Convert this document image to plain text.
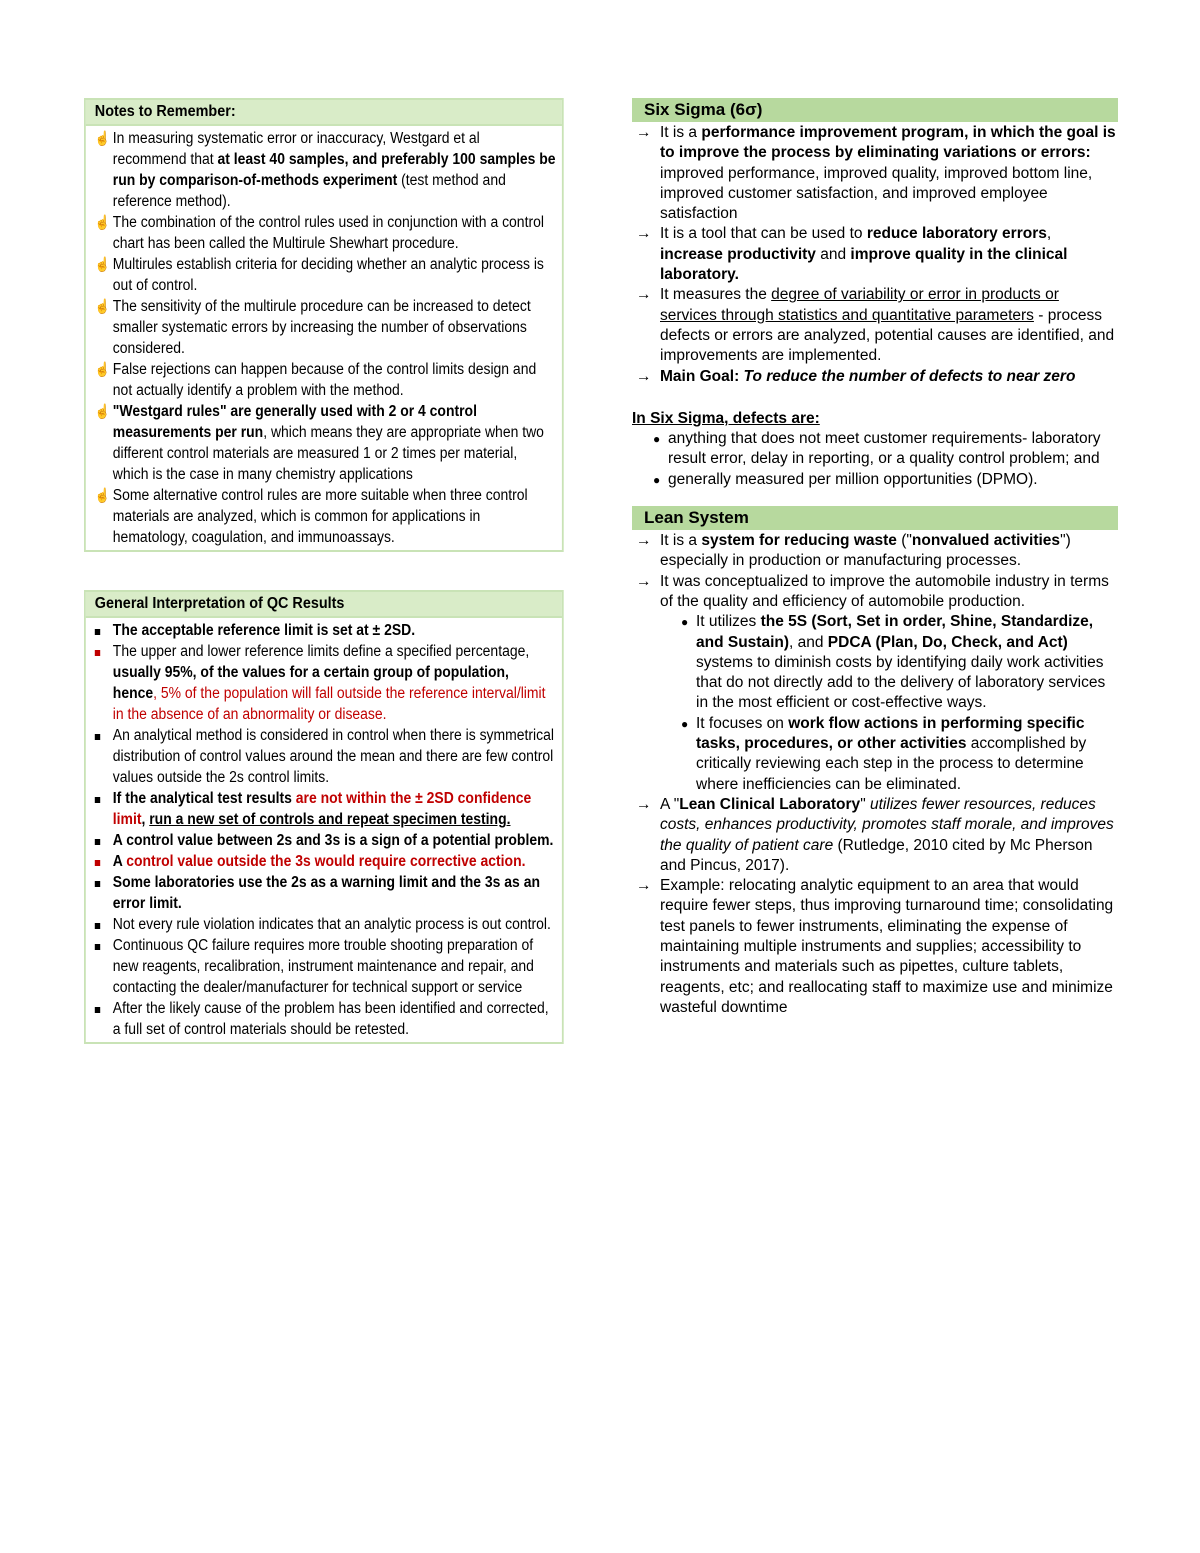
Notes to Remember:
☝ In measuring systematic error or inaccuracy, Westgard et al recommend that at least 40 samples, and preferably 100 samples be run by comparison-of-methods experiment (test method and reference method).
☝ The combination of the control rules used in conjunction with a control chart has been called the Multirule Shewhart procedure.
☝ Multirules establish criteria for deciding whether an analytic process is out of control.
☝ The sensitivity of the multirule procedure can be increased to detect smaller systematic errors by increasing the number of observations considered.
☝ False rejections can happen because of the control limits design and not actually identify a problem with the method.
☝ "Westgard rules" are generally used with 2 or 4 control measurements per run, which means they are appropriate when two different control materials are measured 1 or 2 times per material, which is the case in many chemistry applications
☝ Some alternative control rules are more suitable when three control materials are analyzed, which is common for applications in hematology, coagulation, and immunoassays.
General Interpretation of QC Results
The acceptable reference limit is set at ± 2SD.
The upper and lower reference limits define a specified percentage, usually 95%, of the values for a certain group of population, hence, 5% of the population will fall outside the reference interval/limit in the absence of an abnormality or disease.
An analytical method is considered in control when there is symmetrical distribution of control values around the mean and there are few control values outside the 2s control limits.
If the analytical test results are not within the ± 2SD confidence limit, run a new set of controls and repeat specimen testing.
A control value between 2s and 3s is a sign of a potential problem.
A control value outside the 3s would require corrective action.
Some laboratories use the 2s as a warning limit and the 3s as an error limit.
Not every rule violation indicates that an analytic process is out control.
Continuous QC failure requires more trouble shooting preparation of new reagents, recalibration, instrument maintenance and repair, and contacting the dealer/manufacturer for technical support or service
After the likely cause of the problem has been identified and corrected, a full set of control materials should be retested.
Six Sigma (6σ)
→ It is a performance improvement program, in which the goal is to improve the process by eliminating variations or errors: improved performance, improved quality, improved bottom line, improved customer satisfaction, and improved employee satisfaction
→ It is a tool that can be used to reduce laboratory errors, increase productivity and improve quality in the clinical laboratory.
→ It measures the degree of variability or error in products or services through statistics and quantitative parameters - process defects or errors are analyzed, potential causes are identified, and improvements are implemented.
→ Main Goal: To reduce the number of defects to near zero
In Six Sigma, defects are:
● anything that does not meet customer requirements- laboratory result error, delay in reporting, or a quality control problem; and
● generally measured per million opportunities (DPMO).
Lean System
→ It is a system for reducing waste ("nonvalued activities") especially in production or manufacturing processes.
→ It was conceptualized to improve the automobile industry in terms of the quality and efficiency of automobile production.
● It utilizes the 5S (Sort, Set in order, Shine, Standardize, and Sustain), and PDCA (Plan, Do, Check, and Act) systems to diminish costs by identifying daily work activities that do not directly add to the delivery of laboratory services in the most efficient or cost-effective ways.
● It focuses on work flow actions in performing specific tasks, procedures, or other activities accomplished by critically reviewing each step in the process to determine where inefficiencies can be eliminated.
→ A "Lean Clinical Laboratory" utilizes fewer resources, reduces costs, enhances productivity, promotes staff morale, and improves the quality of patient care (Rutledge, 2010 cited by Mc Pherson and Pincus, 2017).
→ Example: relocating analytic equipment to an area that would require fewer steps, thus improving turnaround time; consolidating test panels to fewer instruments, eliminating the expense of maintaining multiple instruments and supplies; accessibility to instruments and materials such as pipettes, culture tablets, reagents, etc; and reallocating staff to maximize use and minimize wasteful downtime
